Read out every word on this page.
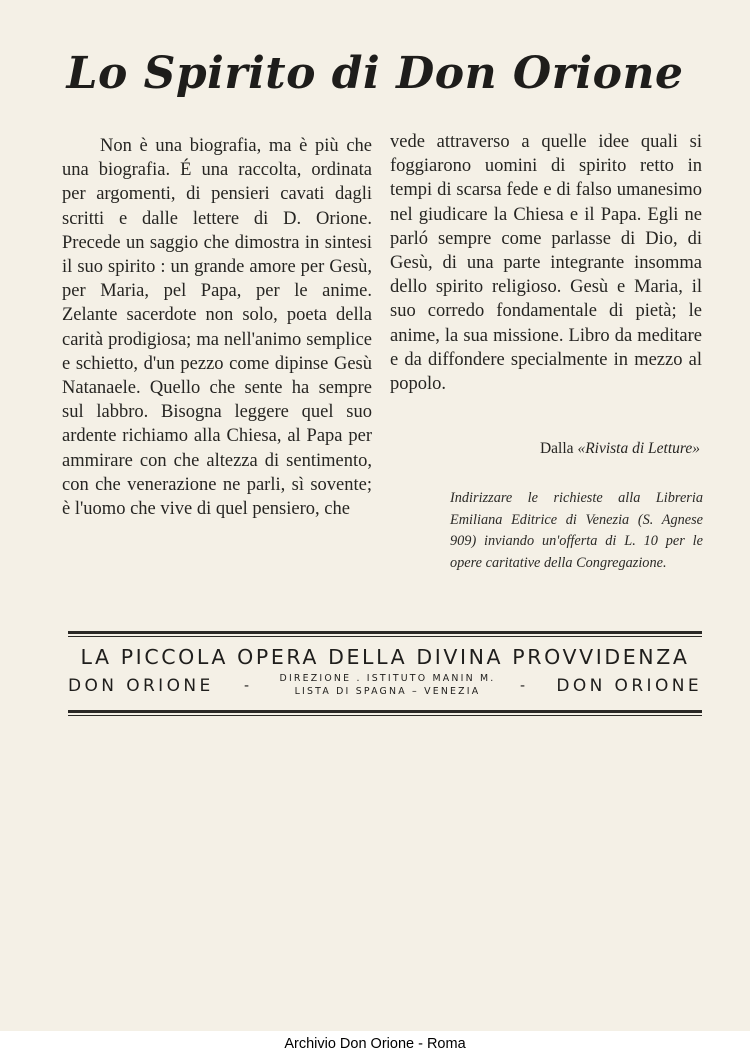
Lo Spirito di Don Orione

Non è una biografia, ma è più che una biografia. É una raccolta, ordinata per argomenti, di pensieri cavati dagli scritti e dalle lettere di D. Orione. Precede un saggio che dimostra in sintesi il suo spirito : un grande amore per Gesù, per Maria, pel Papa, per le anime. Zelante sacerdote non solo, poeta della carità prodigiosa; ma nell'animo semplice e schietto, d'un pezzo come dipinse Gesù Natanaele. Quello che sente ha sempre sul labbro. Bisogna leggere quel suo ardente richiamo alla Chiesa, al Papa per ammirare con che altezza di sentimento, con che venerazione ne parli, sì sovente; è l'uomo che vive di quel pensiero, che

vede attraverso a quelle idee quali si foggiarono uomini di spirito retto in tempi di scarsa fede e di falso umanesimo nel giudicare la Chiesa e il Papa. Egli ne parló sempre come parlasse di Dio, di Gesù, di una parte integrante insomma dello spirito religioso. Gesù e Maria, il suo corredo fondamentale di pietà; le anime, la sua missione. Libro da meditare e da diffondere specialmente in mezzo al popolo.

Dalla «Rivista di Letture»
Indirizzare le richieste alla Libreria Emiliana Editrice di Venezia (S. Agnese 909) inviando un'offerta di L. 10 per le opere caritative della Congregazione.
LA PICCOLA OPERA DELLA DIVINA PROVVIDENZA
DON ORIONE -	DIREZIONE . ISTITUTO MANIN M.
LISTA DI SPAGNA – VENEZIA	- DON ORIONE
Archivio Don Orione - Roma
